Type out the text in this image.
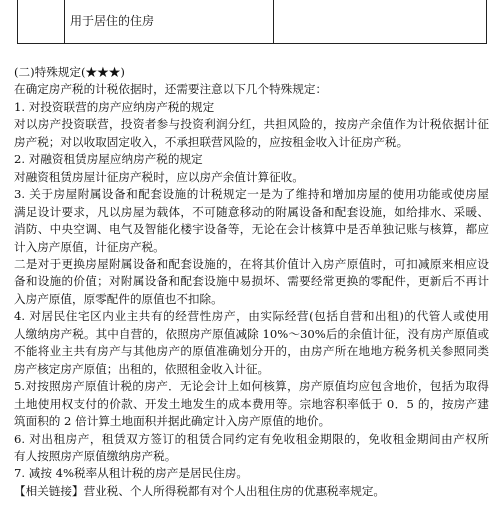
用于居住的住房

(二)特殊规定(★★★)

在确定房产税的计税依据时，还需要注意以下几个特殊规定：

1. 对投资联营的房产应纳房产税的规定

对以房产投资联营，投资者参与投资利润分红，共担风险的，按房产余值作为计税依据计征

房产税；对以收取固定收入，不承担联营风险的，应按租金收入计征房产税。

2. 对融资租赁房屋应纳房产税的规定

对融资租赁房屋计征房产税时，应以房产余值计算征收。

3. 关于房屋附属设备和配套设施的计税规定一是为了维持和增加房屋的使用功能或使房屋

满足设计要求，凡以房屋为载体，不可随意移动的附属设备和配套设施，如给排水、采暖、

消防、中央空调、电气及智能化楼宇设备等，无论在会计核算中是否单独记账与核算，都应

计入房产原值，计征房产税。

二是对于更换房屋附属设备和配套设施的，在将其价值计入房产原值时，可扣减原来相应设

备和设施的价值；对附属设备和配套设施中易损坏、需要经常更换的零配件，更新后不再计

入房产原值，原零配件的原值也不扣除。

4. 对居民住宅区内业主共有的经营性房产，由实际经营(包括自营和出租)的代管人或使用

人缴纳房产税。其中自营的，依照房产原值减除 10%～30%后的余值计征，没有房产原值或

不能将业主共有房产与其他房产的原值准确划分开的，由房产所在地地方税务机关参照同类

房产核定房产原值；出租的，依照租金收入计征。

5.对按照房产原值计税的房产．无论会计上如何核算，房产原值均应包含地价，包括为取得

土地使用权支付的价款、开发土地发生的成本费用等。宗地容积率低于 0．5 的，按房产建

筑面积的 2 倍计算土地面积并据此确定计入房产原值的地价。

6. 对出租房产，租赁双方签订的租赁合同约定有免收租金期限的，免收租金期间由产权所

有人按照房产原值缴纳房产税。

7. 减按 4%税率从租计税的房产是居民住房。

【相关链接】营业税、个人所得税都有对个人出租住房的优惠税率规定。
